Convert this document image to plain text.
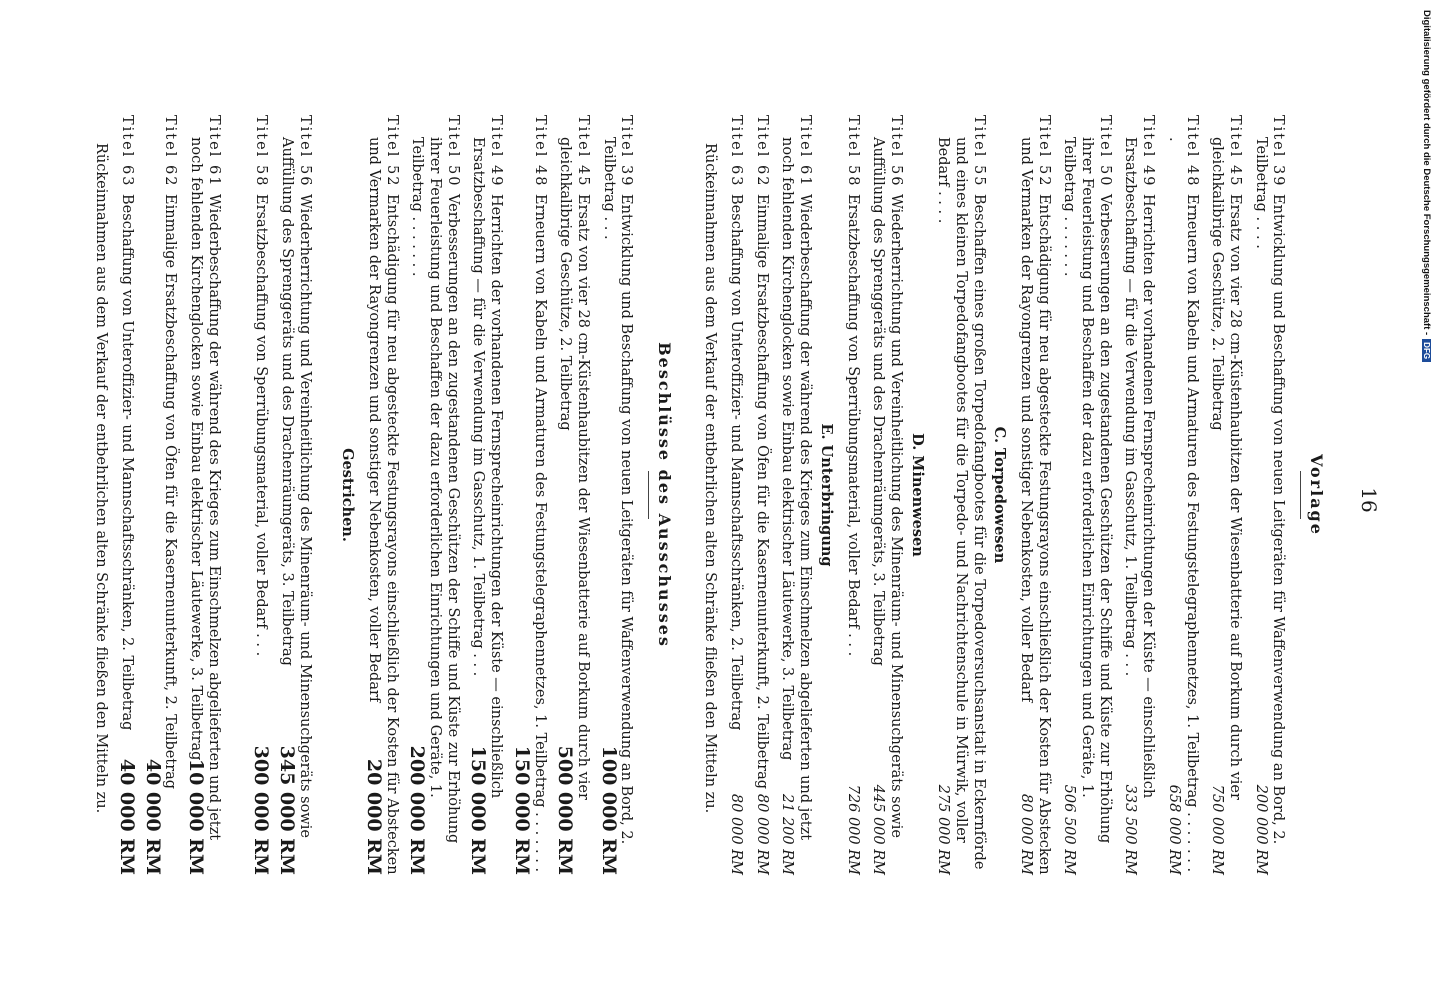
16
Vorlage
Titel 39 Entwicklung und Beschaffung von neuen Leitgeräten für Waffenverwendung an Bord, 2. Teilbetrag . . . .
200 000 RM
Titel 45 Ersatz von vier 28 cm-Küstenhaubitzen der Wiesenbatterie auf Borkum durch vier gleichkalibrige Geschütze, 2. Teilbetrag
750 000 RM
Titel 48 Erneuern von Kabeln und Armaturen des Festungstelegraphennetzes, 1. Teilbetrag . . . . . . . .
658 000 RM
Titel 49 Herrichten der vorhandenen Fernsprecheinrichtungen der Küste — einschließlich Ersatzbeschaffung — für die Verwendung im Gasschutz, 1. Teilbetrag . . .
333 500 RM
Titel 50 Verbesserungen an den zugestandenen Geschützen der Schiffe und Küste zur Erhöhung ihrer Feuerleistung und Beschaffen der dazu erforderlichen Einrichtungen und Geräte, 1. Teilbetrag . . . . . . .
506 500 RM
Titel 52 Entschädigung für neu abgesteckte Festungsrayons einschließlich der Kosten für Abstecken und Vermarken der Rayongrenzen und sonstiger Nebenkosten, voller Bedarf
80 000 RM
C. Torpedowesen
Titel 55 Beschaffen eines großen Torpedofangbootes für die Torpedoversuchsanstalt in Eckernförde und eines kleinen Torpedofangbootes für die Torpedo- und Nachrichtenschule in Mürwik, voller Bedarf . . . .
275 000 RM
D. Minenwesen
Titel 56 Wiederherrichtung und Vereinheitlichung des Minenräum- und Minensuchgeräts sowie Auffüllung des Sprenggeräts und des Drachenräumgeräts, 3. Teilbetrag
445 000 RM
Titel 58 Ersatzbeschaffung von Sperrübungsmaterial, voller Bedarf . . .
726 000 RM
E. Unterbringung
Titel 61 Wiederbeschaffung der während des Krieges zum Einschmelzen abgelieferten und jetzt noch fehlenden Kirchenglocken sowie Einbau elektrischer Läutewerke, 3. Teilbetrag
21 200 RM
Titel 62 Einmalige Ersatzbeschaffung von Öfen für die Kasernenunterkunft, 2. Teilbetrag
80 000 RM
Titel 63 Beschaffung von Unteroffizier- und Mannschaftsschränken, 2. Teilbetrag
80 000 RM
Rückeinnahmen aus dem Verkauf der entbehrlichen alten Schränke fließen den Mitteln zu.
Beschlüsse des Ausschusses
Titel 39 Entwicklung und Beschaffung von neuen Leitgeräten für Waffenverwendung an Bord, 2. Teilbetrag . . .
100 000 RM
Titel 45 Ersatz von vier 28 cm-Küstenhaubitzen der Wiesenbatterie auf Borkum durch vier gleichkalibrige Geschütze, 2. Teilbetrag
500 000 RM
Titel 48 Erneuern von Kabeln und Armaturen des Festungstelegraphennetzes, 1. Teilbetrag . . . . . . .
150 000 RM
Titel 49 Herrichten der vorhandenen Fernsprecheinrichtungen der Küste — einschließlich Ersatzbeschaffung — für die Verwendung im Gasschutz, 1. Teilbetrag . . .
150 000 RM
Titel 50 Verbesserungen an den zugestandenen Geschützen der Schiffe und Küste zur Erhöhung ihrer Feuerleistung und Beschaffen der dazu erforderlichen Einrichtungen und Geräte, 1. Teilbetrag . . . . . . .
200 000 RM
Titel 52 Entschädigung für neu abgesteckte Festungsrayons einschließlich der Kosten für Abstecken und Vermarken der Rayongrenzen und sonstiger Nebenkosten, voller Bedarf
20 000 RM
Gestrichen.
Titel 56 Wiederherrichtung und Vereinheitlichung des Minenräum- und Minensuchgeräts sowie Auffüllung des Sprenggeräts und des Drachenräumgeräts, 3. Teilbetrag
345 000 RM
Titel 58 Ersatzbeschaffung von Sperrübungsmaterial, voller Bedarf . . .
300 000 RM
Titel 61 Wiederbeschaffung der während des Krieges zum Einschmelzen abgelieferten und jetzt noch fehlenden Kirchenglocken sowie Einbau elektrischer Läutewerke, 3. Teilbetrag
10 000 RM
Titel 62 Einmalige Ersatzbeschaffung von Öfen für die Kasernenunterkunft, 2. Teilbetrag
40 000 RM
Titel 63 Beschaffung von Unteroffizier- und Mannschaftsschränken, 2. Teilbetrag
40 000 RM
Rückeinnahmen aus dem Verkauf der entbehrlichen alten Schränke fließen den Mitteln zu.	Digitalisierung gefördert durch die Deutsche Forschungsgemeinschaft -DFG
